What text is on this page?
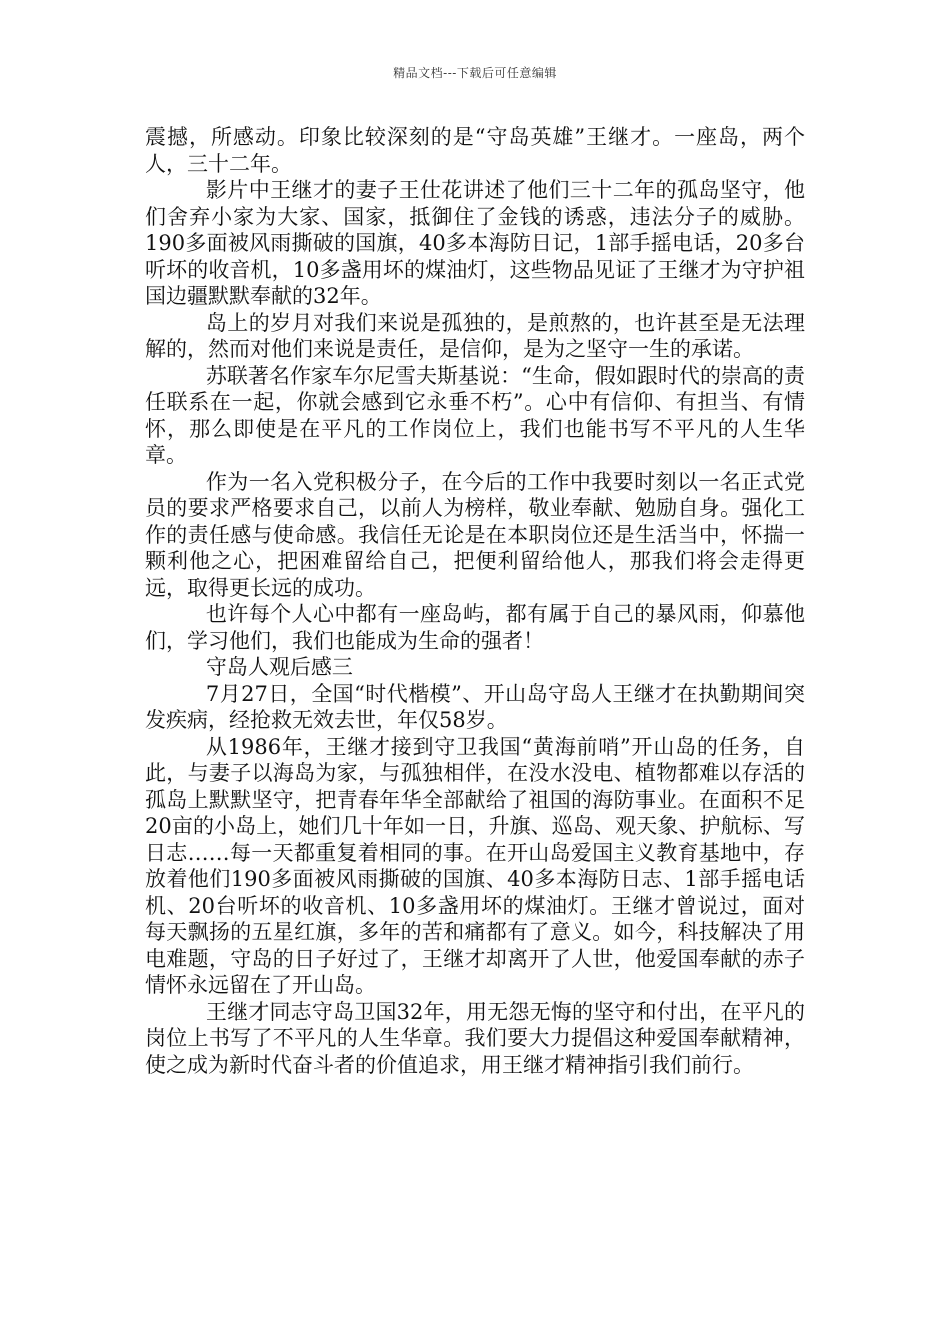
精品文档---下载后可任意编辑

震撼，所感动。印象比较深刻的是“守岛英雄”王继才。一座岛，两个人，三十二年。

影片中王继才的妻子王仕花讲述了他们三十二年的孤岛坚守，他们舍弃小家为大家、国家，抵御住了金钱的诱惑，违法分子的威胁。190多面被风雨撕破的国旗，40多本海防日记，1部手摇电话，20多台听坏的收音机，10多盏用坏的煤油灯，这些物品见证了王继才为守护祖国边疆默默奉献的32年。

岛上的岁月对我们来说是孤独的，是煎熬的，也许甚至是无法理解的，然而对他们来说是责任，是信仰，是为之坚守一生的承诺。

苏联著名作家车尔尼雪夫斯基说：“生命，假如跟时代的崇高的责任联系在一起，你就会感到它永垂不朽”。心中有信仰、有担当、有情怀，那么即使是在平凡的工作岗位上，我们也能书写不平凡的人生华章。

作为一名入党积极分子，在今后的工作中我要时刻以一名正式党员的要求严格要求自己，以前人为榜样，敬业奉献、勉励自身。强化工作的责任感与使命感。我信任无论是在本职岗位还是生活当中，怀揣一颗利他之心，把困难留给自己，把便利留给他人，那我们将会走得更远，取得更长远的成功。

也许每个人心中都有一座岛屿，都有属于自己的暴风雨，仰慕他们，学习他们，我们也能成为生命的强者！

守岛人观后感三

7月27日，全国“时代楷模”、开山岛守岛人王继才在执勤期间突发疾病，经抢救无效去世，年仅58岁。

从1986年，王继才接到守卫我国“黄海前哨”开山岛的任务，自此，与妻子以海岛为家，与孤独相伴，在没水没电、植物都难以存活的孤岛上默默坚守，把青春年华全部献给了祖国的海防事业。在面积不足20亩的小岛上，她们几十年如一日，升旗、巡岛、观天象、护航标、写日志……每一天都重复着相同的事。在开山岛爱国主义教育基地中，存放着他们190多面被风雨撕破的国旗、40多本海防日志、1部手摇电话机、20台听坏的收音机、10多盏用坏的煤油灯。王继才曾说过，面对每天飘扬的五星红旗，多年的苦和痛都有了意义。如今，科技解决了用电难题，守岛的日子好过了，王继才却离开了人世，他爱国奉献的赤子情怀永远留在了开山岛。

王继才同志守岛卫国32年，用无怨无悔的坚守和付出，在平凡的岗位上书写了不平凡的人生华章。我们要大力提倡这种爱国奉献精神，使之成为新时代奋斗者的价值追求，用王继才精神指引我们前行。
